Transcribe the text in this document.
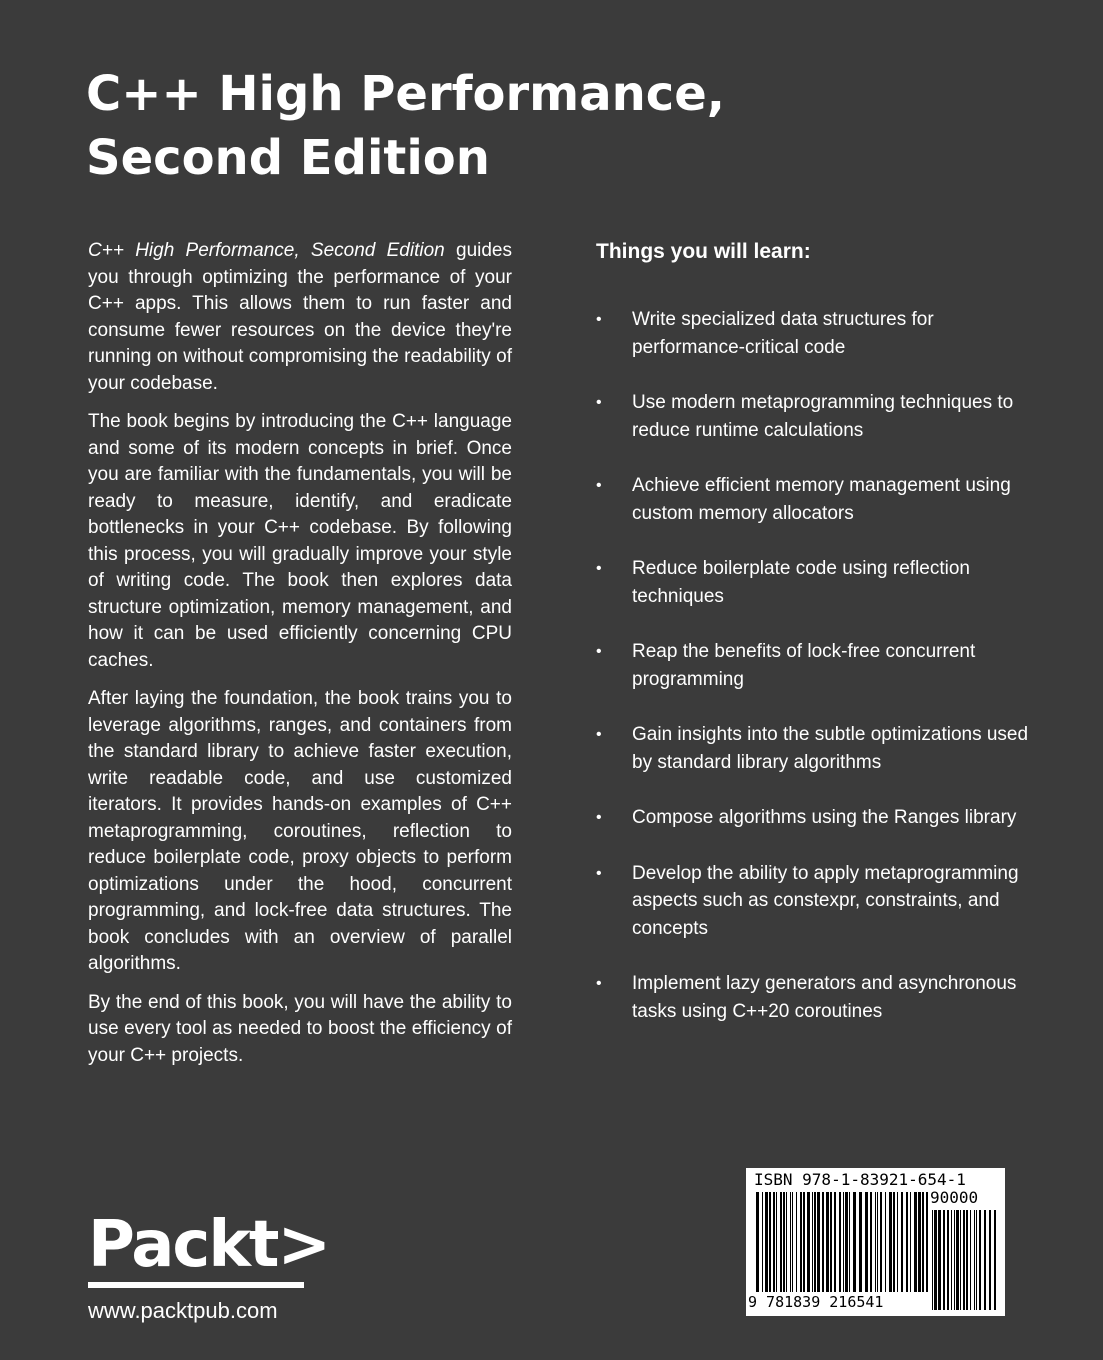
C++ High Performance,
Second Edition

C++ High Performance, Second Edition guides you through optimizing the performance of your C++ apps. This allows them to run faster and consume fewer resources on the device they're running on without compromising the readability of your codebase.

The book begins by introducing the C++ language and some of its modern concepts in brief. Once you are familiar with the fundamentals, you will be ready to measure, identify, and eradicate bottlenecks in your C++ codebase. By following this process, you will gradually improve your style of writing code. The book then explores data structure optimization, memory management, and how it can be used efficiently concerning CPU caches.

After laying the foundation, the book trains you to leverage algorithms, ranges, and containers from the standard library to achieve faster execution, write readable code, and use customized iterators. It provides hands-on examples of C++ metaprogramming, coroutines, reflection to reduce boilerplate code, proxy objects to perform optimizations under the hood, concurrent programming, and lock-free data structures. The book concludes with an overview of parallel algorithms.

By the end of this book, you will have the ability to use every tool as needed to boost the efficiency of your C++ projects.

Things you will learn:
• Write specialized data structures for performance-critical code
• Use modern metaprogramming techniques to reduce runtime calculations
• Achieve efficient memory management using custom memory allocators
• Reduce boilerplate code using reflection techniques
• Reap the benefits of lock-free concurrent programming
• Gain insights into the subtle optimizations used by standard library algorithms
• Compose algorithms using the Ranges library
• Develop the ability to apply metaprogramming aspects such as constexpr, constraints, and concepts
• Implement lazy generators and asynchronous tasks using C++20 coroutines
Packt>
www.packtpub.com
ISBN 978-1-83921-654-1
90000
9 781839 216541
